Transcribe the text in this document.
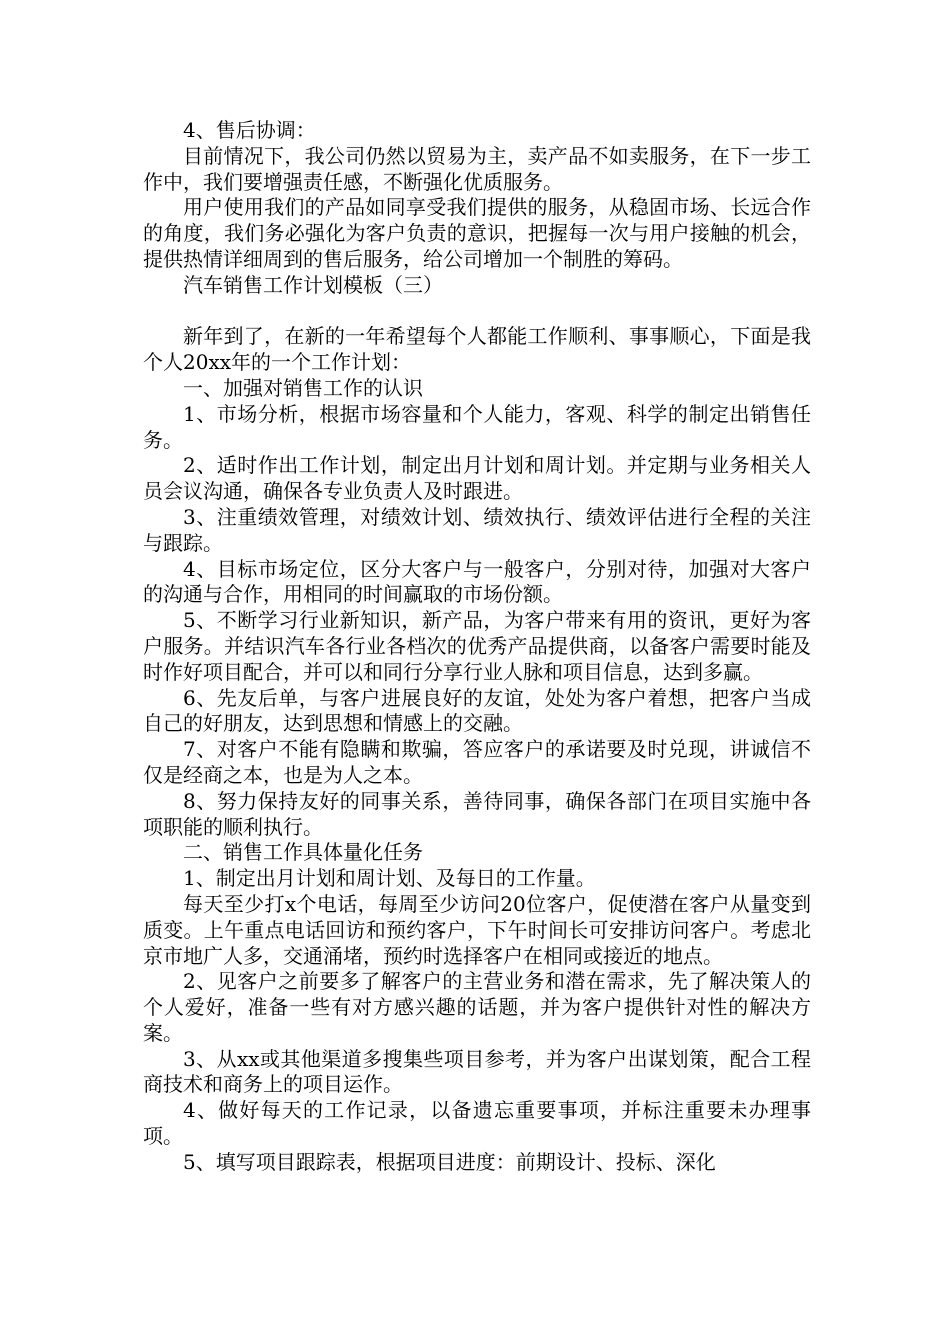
4、售后协调：

目前情况下，我公司仍然以贸易为主，卖产品不如卖服务，在下一步工作中，我们要增强责任感，不断强化优质服务。

用户使用我们的产品如同享受我们提供的服务，从稳固市场、长远合作的角度，我们务必强化为客户负责的意识，把握每一次与用户接触的机会，提供热情详细周到的售后服务，给公司增加一个制胜的筹码。

汽车销售工作计划模板（三）

新年到了，在新的一年希望每个人都能工作顺利、事事顺心，下面是我个人20xx年的一个工作计划：

一、加强对销售工作的认识

1、市场分析，根据市场容量和个人能力，客观、科学的制定出销售任务。

2、适时作出工作计划，制定出月计划和周计划。并定期与业务相关人员会议沟通，确保各专业负责人及时跟进。

3、注重绩效管理，对绩效计划、绩效执行、绩效评估进行全程的关注与跟踪。

4、目标市场定位，区分大客户与一般客户，分别对待，加强对大客户的沟通与合作，用相同的时间赢取的市场份额。

5、不断学习行业新知识，新产品，为客户带来有用的资讯，更好为客户服务。并结识汽车各行业各档次的优秀产品提供商，以备客户需要时能及时作好项目配合，并可以和同行分享行业人脉和项目信息，达到多赢。

6、先友后单，与客户进展良好的友谊，处处为客户着想，把客户当成自己的好朋友，达到思想和情感上的交融。

7、对客户不能有隐瞒和欺骗，答应客户的承诺要及时兑现，讲诚信不仅是经商之本，也是为人之本。

8、努力保持友好的同事关系，善待同事，确保各部门在项目实施中各项职能的顺利执行。

二、销售工作具体量化任务

1、制定出月计划和周计划、及每日的工作量。

每天至少打x个电话，每周至少访问20位客户，促使潜在客户从量变到质变。上午重点电话回访和预约客户，下午时间长可安排访问客户。考虑北京市地广人多，交通涌堵，预约时选择客户在相同或接近的地点。

2、见客户之前要多了解客户的主营业务和潜在需求，先了解决策人的个人爱好，准备一些有对方感兴趣的话题，并为客户提供针对性的解决方案。

3、从xx或其他渠道多搜集些项目参考，并为客户出谋划策，配合工程商技术和商务上的项目运作。

4、做好每天的工作记录，以备遗忘重要事项，并标注重要未办理事项。

5、填写项目跟踪表，根据项目进度：前期设计、投标、深化
